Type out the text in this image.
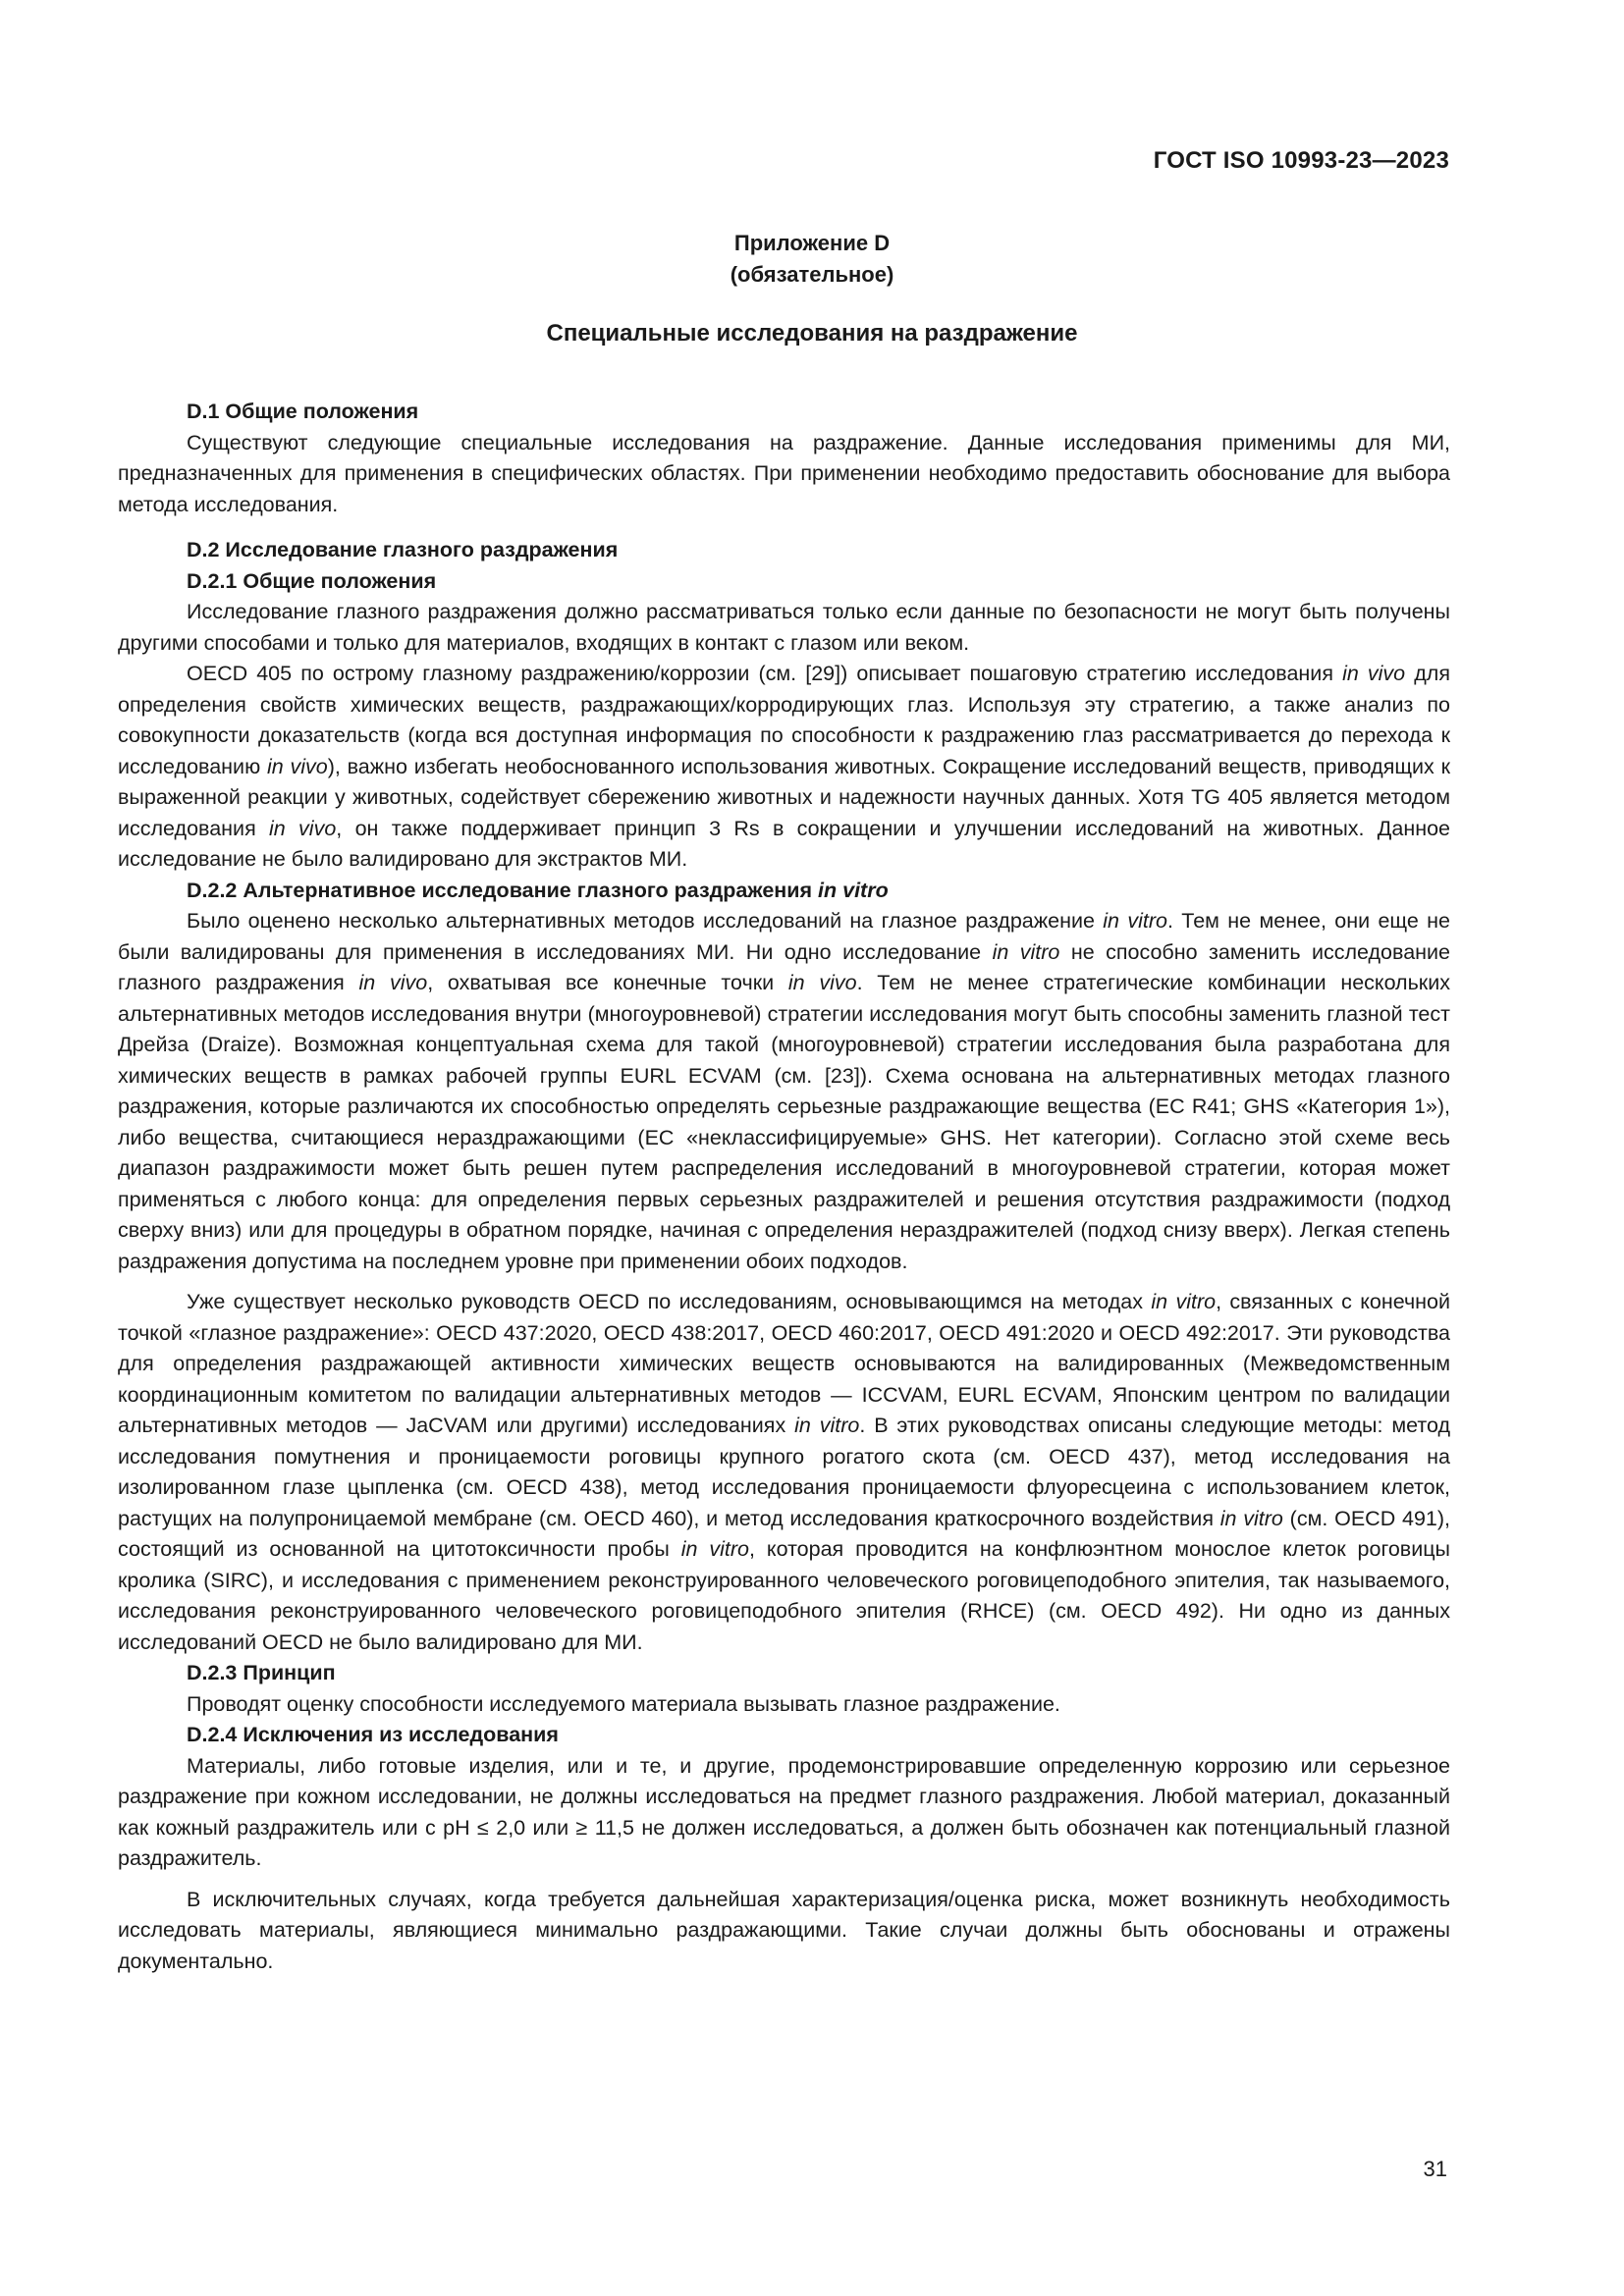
ГОСТ ISO 10993-23—2023
Приложение D
(обязательное)
Специальные исследования на раздражение

D.1 Общие положения

Существуют следующие специальные исследования на раздражение. Данные исследования применимы для МИ, предназначенных для применения в специфических областях. При применении необходимо предоставить обоснование для выбора метода исследования.

D.2 Исследование глазного раздражения

D.2.1 Общие положения

Исследование глазного раздражения должно рассматриваться только если данные по безопасности не могут быть получены другими способами и только для материалов, входящих в контакт с глазом или веком.

OECD 405 по острому глазному раздражению/коррозии (см. [29]) описывает пошаговую стратегию исследования in vivo для определения свойств химических веществ, раздражающих/корродирующих глаз. Используя эту стратегию, а также анализ по совокупности доказательств (когда вся доступная информация по способности к раздражению глаз рассматривается до перехода к исследованию in vivo), важно избегать необоснованного использования животных. Сокращение исследований веществ, приводящих к выраженной реакции у животных, содействует сбережению животных и надежности научных данных. Хотя TG 405 является методом исследования in vivo, он также поддерживает принцип 3 Rs в сокращении и улучшении исследований на животных. Данное исследование не было валидировано для экстрактов МИ.

D.2.2 Альтернативное исследование глазного раздражения in vitro

Было оценено несколько альтернативных методов исследований на глазное раздражение in vitro. Тем не менее, они еще не были валидированы для применения в исследованиях МИ. Ни одно исследование in vitro не способно заменить исследование глазного раздражения in vivo, охватывая все конечные точки in vivo. Тем не менее стратегические комбинации нескольких альтернативных методов исследования внутри (многоуровневой) стратегии исследования могут быть способны заменить глазной тест Дрейза (Draize). Возможная концептуальная схема для такой (многоуровневой) стратегии исследования была разработана для химических веществ в рамках рабочей группы EURL ECVAM (см. [23]). Схема основана на альтернативных методах глазного раздражения, которые различаются их способностью определять серьезные раздражающие вещества (ЕС R41; GHS «Категория 1»), либо вещества, считающиеся нераздражающими (ЕС «неклассифицируемые» GHS. Нет категории). Согласно этой схеме весь диапазон раздражимости может быть решен путем распределения исследований в многоуровневой стратегии, которая может применяться с любого конца: для определения первых серьезных раздражителей и решения отсутствия раздражимости (подход сверху вниз) или для процедуры в обратном порядке, начиная с определения нераздражителей (подход снизу вверх). Легкая степень раздражения допустима на последнем уровне при применении обоих подходов.

Уже существует несколько руководств OECD по исследованиям, основывающимся на методах in vitro, связанных с конечной точкой «глазное раздражение»: OECD 437:2020, OECD 438:2017, OECD 460:2017, OECD 491:2020 и OECD 492:2017. Эти руководства для определения раздражающей активности химических веществ основываются на валидированных (Межведомственным координационным комитетом по валидации альтернативных методов — ICCVAM, EURL ECVAM, Японским центром по валидации альтернативных методов — JaCVAM или другими) исследованиях in vitro. В этих руководствах описаны следующие методы: метод исследования помутнения и проницаемости роговицы крупного рогатого скота (см. OECD 437), метод исследования на изолированном глазе цыпленка (см. OECD 438), метод исследования проницаемости флуоресцеина с использованием клеток, растущих на полупроницаемой мембране (см. OECD 460), и метод исследования краткосрочного воздействия in vitro (см. OECD 491), состоящий из основанной на цитотоксичности пробы in vitro, которая проводится на конфлюэнтном монослое клеток роговицы кролика (SIRC), и исследования с применением реконструированного человеческого роговицеподобного эпителия, так называемого, исследования реконструированного человеческого роговицеподобного эпителия (RHCE) (см. OECD 492). Ни одно из данных исследований OECD не было валидировано для МИ.

D.2.3 Принцип

Проводят оценку способности исследуемого материала вызывать глазное раздражение.

D.2.4 Исключения из исследования

Материалы, либо готовые изделия, или и те, и другие, продемонстрировавшие определенную коррозию или серьезное раздражение при кожном исследовании, не должны исследоваться на предмет глазного раздражения. Любой материал, доказанный как кожный раздражитель или с pH ≤ 2,0 или ≥ 11,5 не должен исследоваться, а должен быть обозначен как потенциальный глазной раздражитель.

В исключительных случаях, когда требуется дальнейшая характеризация/оценка риска, может возникнуть необходимость исследовать материалы, являющиеся минимально раздражающими. Такие случаи должны быть обоснованы и отражены документально.

31
